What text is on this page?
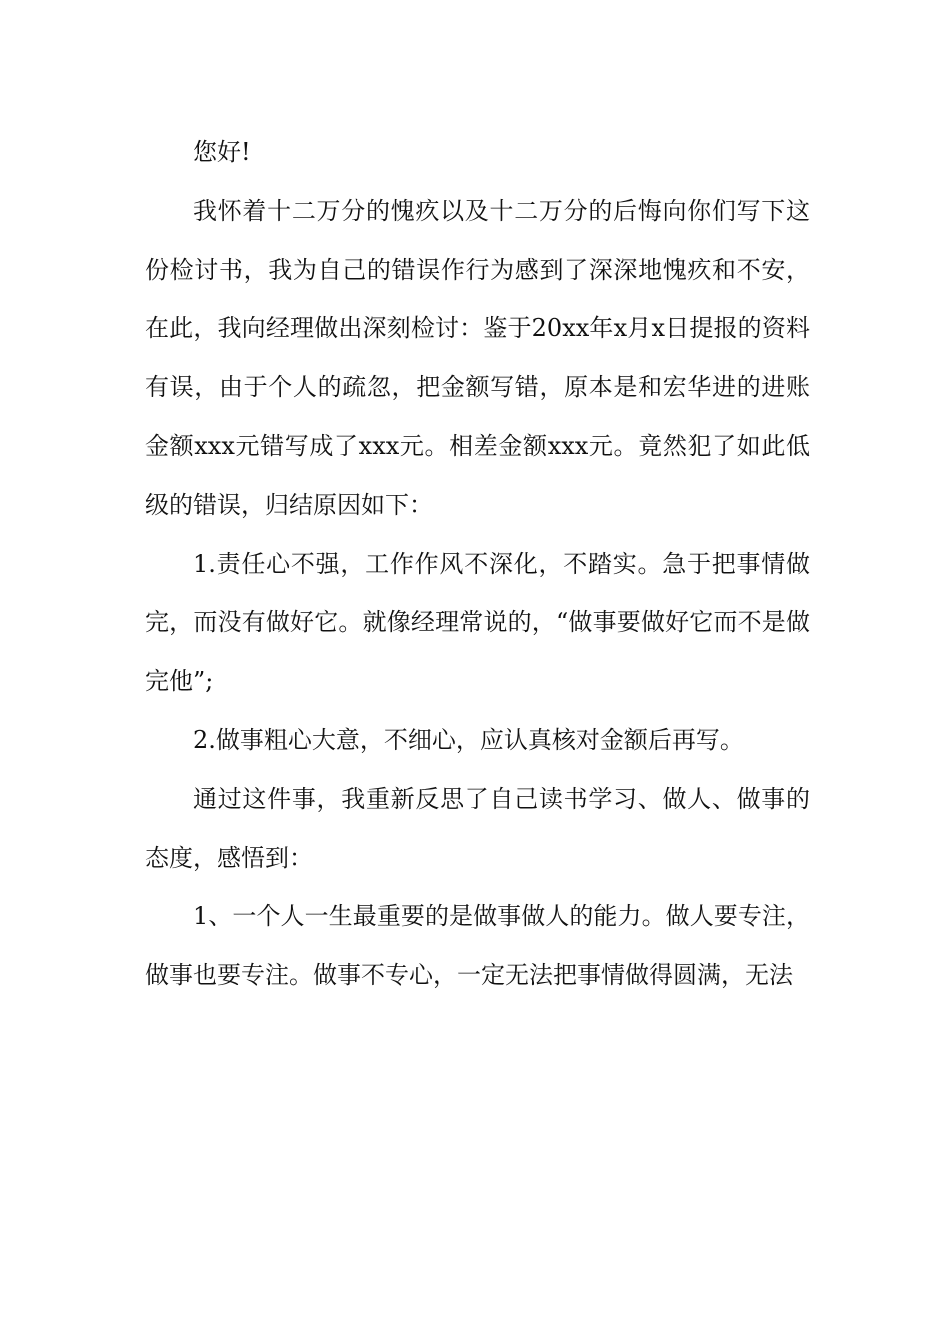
您好!

我怀着十二万分的愧疚以及十二万分的后悔向你们写下这份检讨书，我为自己的错误作行为感到了深深地愧疚和不安，在此，我向经理做出深刻检讨：鉴于20xx年x月x日提报的资料有误，由于个人的疏忽，把金额写错，原本是和宏华进的进账金额xxx元错写成了xxx元。相差金额xxx元。竟然犯了如此低级的错误，归结原因如下：

1.责任心不强，工作作风不深化，不踏实。急于把事情做完，而没有做好它。就像经理常说的，“做事要做好它而不是做完他”;

2.做事粗心大意，不细心，应认真核对金额后再写。

通过这件事，我重新反思了自己读书学习、做人、做事的态度，感悟到：

1、一个人一生最重要的是做事做人的能力。做人要专注，做事也要专注。做事不专心，一定无法把事情做得圆满，无法
